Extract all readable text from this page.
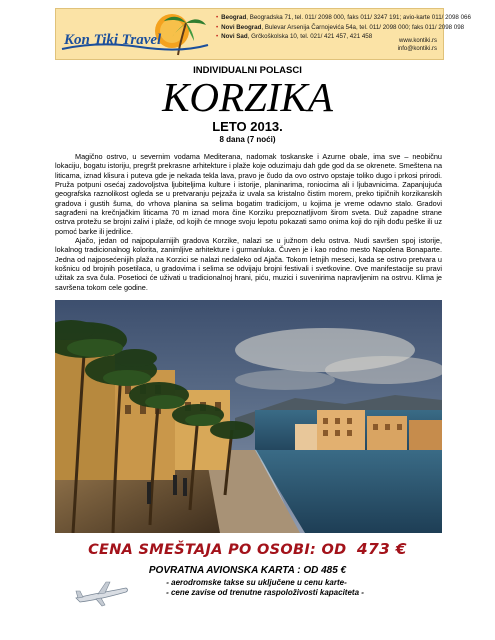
Kon Tiki Travel
• Beograd, Beogradska 71, tel. 011/ 2098 000, faks 011/ 3247 191; avio-karte 011/ 2098 066
• Novi Beograd, Bulevar Arsenija Čarnojevića 54a, tel. 011/ 2098 000; faks 011/ 2098 098
• Novi Sad, Grčkoškolska 10, tel. 021/ 421 457, 421 458
www.kontiki.rs
info@kontiki.rs
INDIVIDUALNI POLASCI
KORZIKA
LETO 2013.
8 dana (7 noći)

Magično ostrvo, u severnim vodama Mediterana, nadomak toskanske i Azurne obale, ima sve – neobičnu lokaciju, bogatu istoriju, pregršt prekrasne arhitekture i plaže koje oduzimaju dah gde god da se okrenete. Smeštena na liticama, iznad klisura i puteva gde je nekada tekla lava, pravo je čudo da ovo ostrvo opstaje toliko dugo i prkosi prirodi. Pruža potpuni osećaj zadovoljstva ljubiteljima kulture i istorije, planinarima, roniocima ali i ljubavnicima. Zapanjujuća geografska raznolikost ogleda se u pretvaranju pejzaža iz uvala sa kristalno čistim morem, preko tipičnih korzikanskih gradova i gustih šuma, do vrhova planina sa selima bogatim tradicijom, u kojima je vreme odavno stalo. Gradovi sagrađeni na krečnjačkim liticama 70 m iznad mora čine Korziku prepoznatljivom širom sveta. Duž zapadne strane ostrva protežu se brojni zalivi i plaže, od kojih će mnoge svoju lepotu pokazati samo onima koji do njih dođu peške ili uz pomoć barke ili jedrilice.

Ajačo, jedan od najpopularnijih gradova Korzike, nalazi se u južnom delu ostrva. Nudi savršen spoj istorije, lokalnog tradicionalnog kolorita, zanimljive arhitekture i gurmanluka. Čuven je i kao rodno mesto Napolena Bonaparte. Jedna od najposećenijih plaža na Korzici se nalazi nedaleko od Ajača. Tokom letnjih meseci, kada se ostrvo pretvara u košnicu od brojnih posetilaca, u gradovima i selima se odvijaju brojni festivali i svetkovine. Ove manifestacije su pravi užitak za sva čula. Posetioci će uživati u tradicionalnoj hrani, piću, muzici i suvenirima napravljenim na ostrvu. Klima je savršena tokom cele godine.

CENA SMEŠTAJA PO OSOBI: OD 473 €
POVRATNA AVIONSKA KARTA : OD 485 €
- aerodromske takse su uključene u cenu karte-
- cene zavise od trenutne raspoloživosti kapaciteta -
